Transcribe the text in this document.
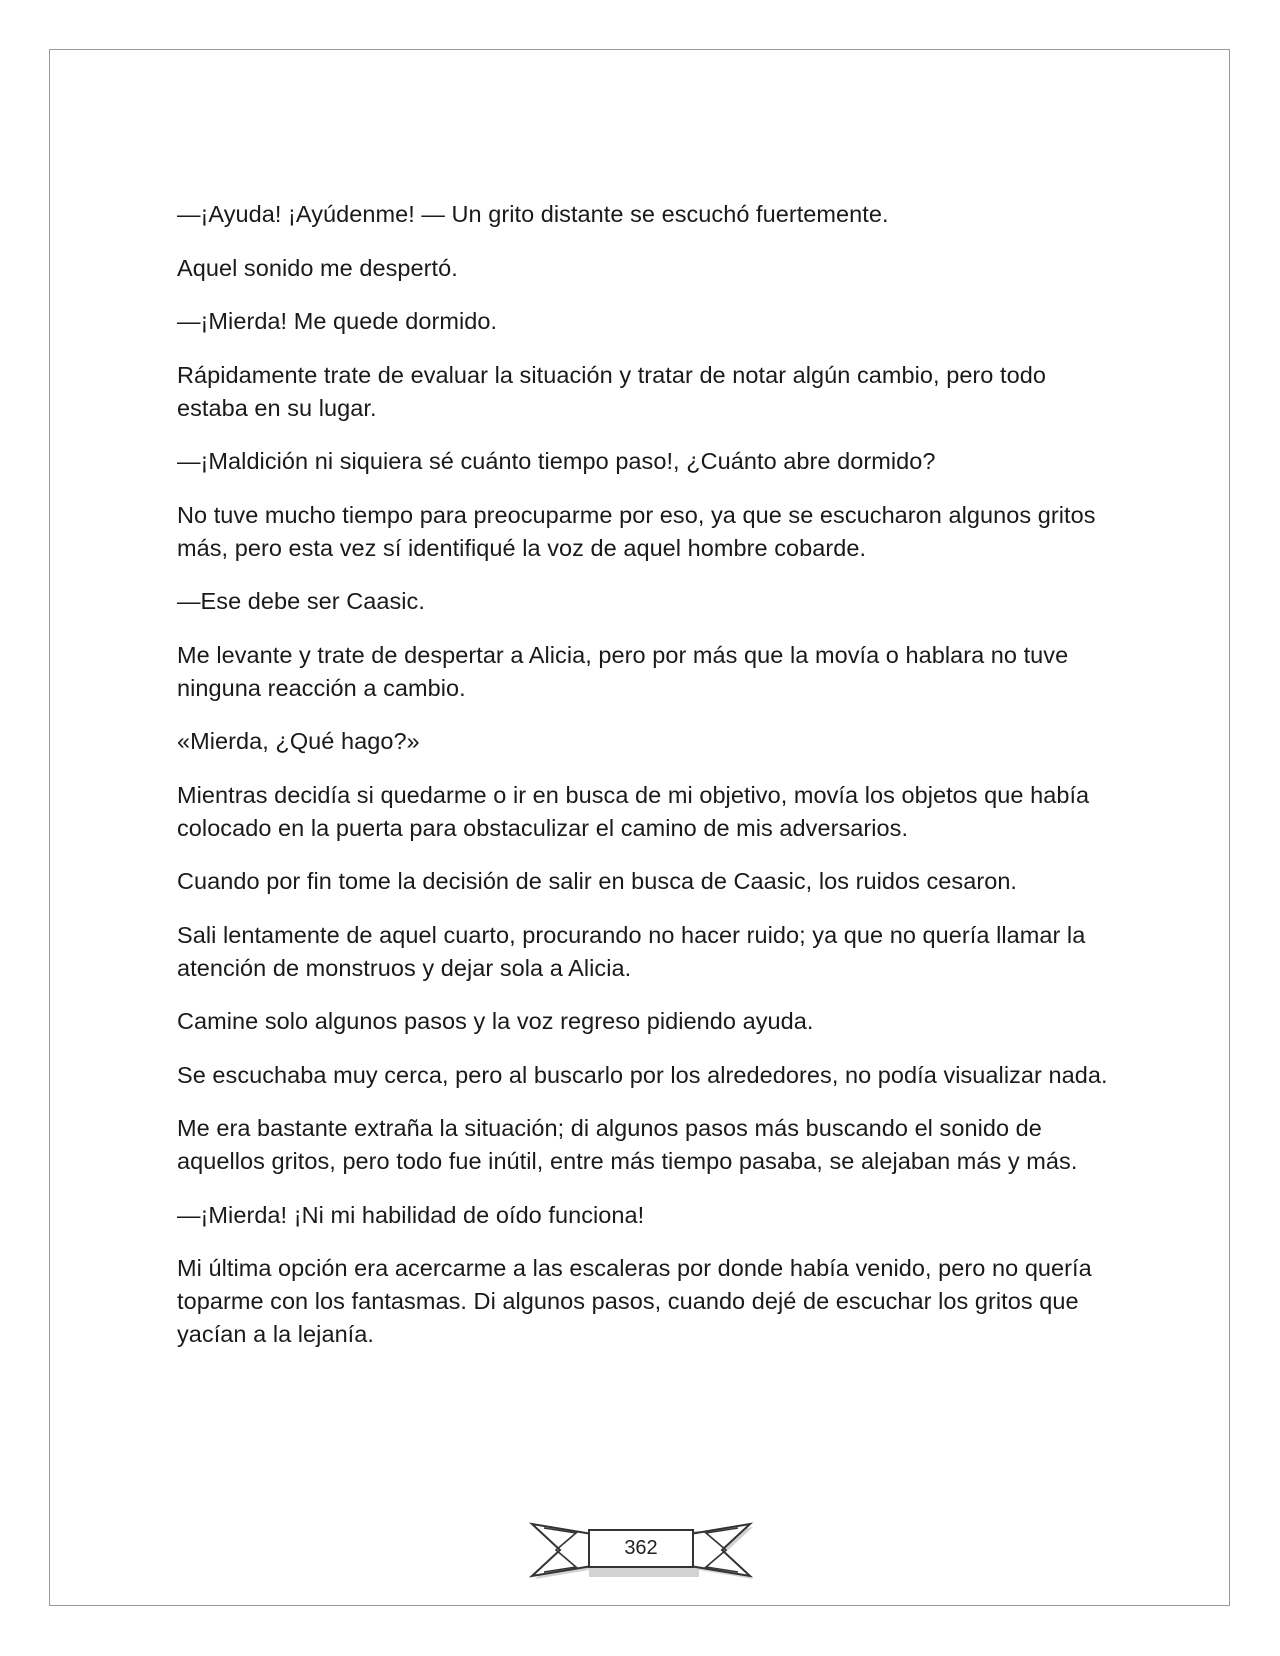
—¡Ayuda! ¡Ayúdenme! — Un grito distante se escuchó fuertemente.

Aquel sonido me despertó.

—¡Mierda! Me quede dormido.

Rápidamente trate de evaluar la situación y tratar de notar algún cambio, pero todo estaba en su lugar.

—¡Maldición ni siquiera sé cuánto tiempo paso!, ¿Cuánto abre dormido?

No tuve mucho tiempo para preocuparme por eso, ya que se escucharon algunos gritos más, pero esta vez sí identifiqué la voz de aquel hombre cobarde.

—Ese debe ser Caasic.

Me levante y trate de despertar a Alicia, pero por más que la movía o hablara no tuve ninguna reacción a cambio.

«Mierda, ¿Qué hago?»

Mientras decidía si quedarme o ir en busca de mi objetivo, movía los objetos que había colocado en la puerta para obstaculizar el camino de mis adversarios.

Cuando por fin tome la decisión de salir en busca de Caasic, los ruidos cesaron.

Sali lentamente de aquel cuarto, procurando no hacer ruido; ya que no quería llamar la atención de monstruos y dejar sola a Alicia.

Camine solo algunos pasos y la voz regreso pidiendo ayuda.

Se escuchaba muy cerca, pero al buscarlo por los alrededores, no podía visualizar nada.

Me era bastante extraña la situación; di algunos pasos más buscando el sonido de aquellos gritos, pero todo fue inútil, entre más tiempo pasaba, se alejaban más y más.

—¡Mierda! ¡Ni mi habilidad de oído funciona!

Mi última opción era acercarme a las escaleras por donde había venido, pero no quería toparme con los fantasmas. Di algunos pasos, cuando dejé de escuchar los gritos que yacían a la lejanía.

362
